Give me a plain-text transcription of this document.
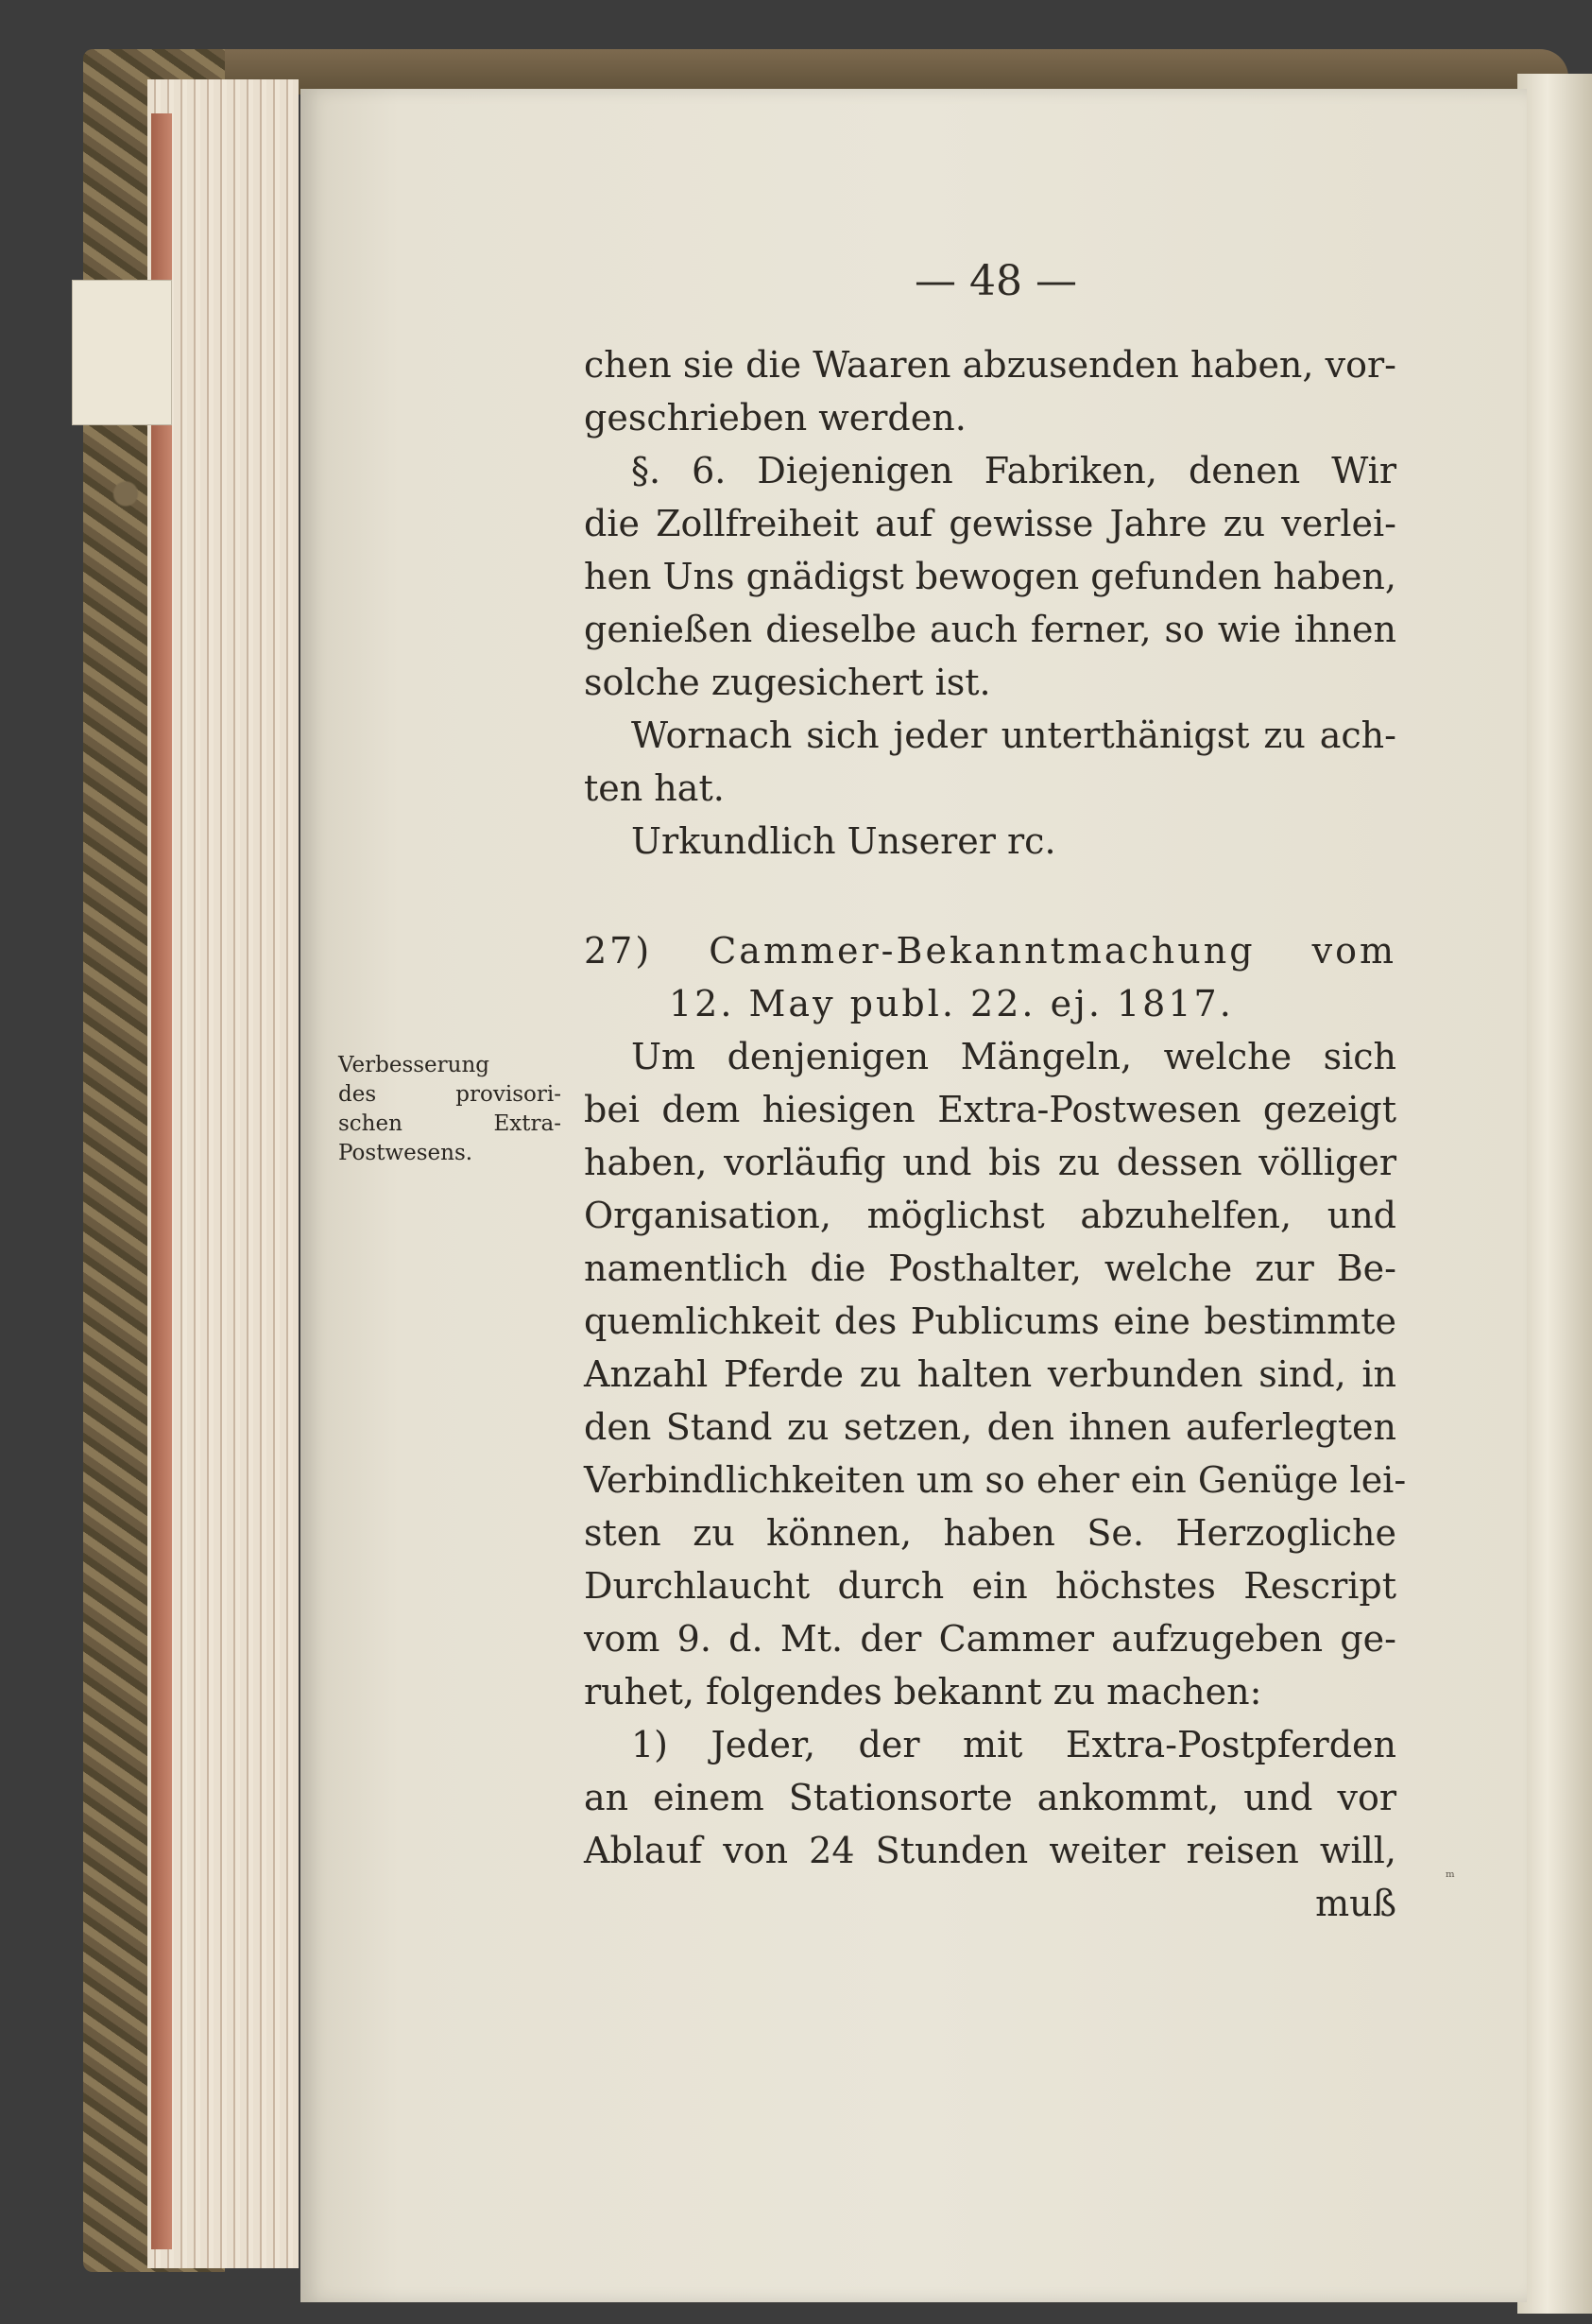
— 48 —
Verbesserung
des provisori-
schen Extra-
Postwesens.
chen sie die Waaren abzusenden haben, vor-
geschrieben werden.
§. 6. Diejenigen Fabriken, denen Wir
die Zollfreiheit auf gewisse Jahre zu verlei-
hen Uns gnädigst bewogen gefunden haben,
genießen dieselbe auch ferner, so wie ihnen
solche zugesichert ist.
Wornach sich jeder unterthänigst zu ach-
ten hat.
Urkundlich Unserer rc.
27) Cammer-Bekanntmachung vom
12. May publ. 22. ej. 1817.
Um denjenigen Mängeln, welche sich
bei dem hiesigen Extra-Postwesen gezeigt
haben, vorläufig und bis zu dessen völliger
Organisation, möglichst abzuhelfen, und
namentlich die Posthalter, welche zur Be-
quemlichkeit des Publicums eine bestimmte
Anzahl Pferde zu halten verbunden sind, in
den Stand zu setzen, den ihnen auferlegten
Verbindlichkeiten um so eher ein Genüge lei-
sten zu können, haben Se. Herzogliche
Durchlaucht durch ein höchstes Rescript
vom 9. d. Mt. der Cammer aufzugeben ge-
ruhet, folgendes bekannt zu machen:
1) Jeder, der mit Extra-Postpferden
an einem Stationsorte ankommt, und vor
Ablauf von 24 Stunden weiter reisen will,
muß
ᵐ
